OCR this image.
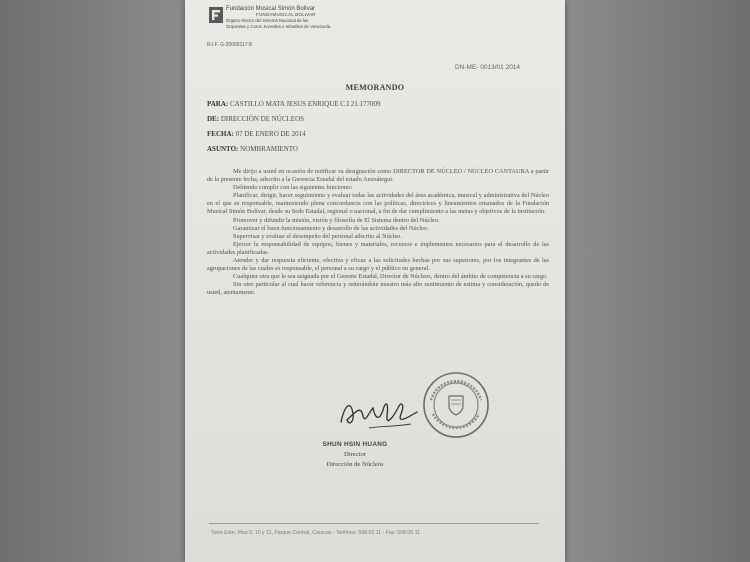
Fundación Musical Simón Bolívar
FUNDAMUSICAL BOLIVAR
Órgano Rector del Sistema Nacional de las
Orquestas y Coros Juveniles e Infantiles de Venezuela
R.I.F. G-20005117-8
DN-ME- 0013/01 2014
MEMORANDO
PARA: CASTILLO MATA JESUS ENRIQUE C.I 21.177009
DE: DIRECCIÓN DE NÚCLEOS
FECHA: 07 DE ENERO DE 2014
ASUNTO: NOMBRAMIENTO

Me dirijo a usted en ocasión de notificar su designación como DIRECTOR DE NÚCLEO / NÚCLEO CANTAURA a partir de la presente fecha, adscrito a la Gerencia Estadal del estado Anzoátegui.

Debiendo cumplir con las siguientes funciones:

Planificar, dirigir, hacer seguimiento y evaluar todas las actividades del área académica, musical y administrativa del Núcleo en el que es responsable, manteniendo plena concordancia con las políticas, directrices y lineamientos emanados de la Fundación Musical Simón Bolívar, desde su Sede Estadal, regional o nacional, a fin de dar cumplimiento a las metas y objetivos de la institución.

Promover y difundir la misión, visión y filosofía de El Sistema dentro del Núcleo.

Garantizar el buen funcionamiento y desarrollo de las actividades del Núcleo.

Supervisar y evaluar el desempeño del personal adscrito al Núcleo.

Ejercer la responsabilidad de equipos, bienes y materiales, recursos e implementos necesarios para el desarrollo de las actividades planificadas.

Atender y dar respuesta eficiente, efectiva y eficaz a las solicitudes hechas por sus superiores, por los integrantes de las agrupaciones de las cuales es responsable, el personal a su cargo y el público en general.

Cualquier otra que le sea asignada por el Gerente Estadal, Director de Núcleos, dentro del ámbito de competencia a su cargo.

Sin otro particular al cual hacer referencia y reiterándole nuestro más alto sentimiento de estima y consideración, quedo de usted, atentamente.

SHUN HSIN HUANG
Director
Dirección de Núcleos
Torre Este, Piso 9, 10 y 11, Parque Central, Caracas - Teléfono: 508.02.11 - Fax: 508.05.11
